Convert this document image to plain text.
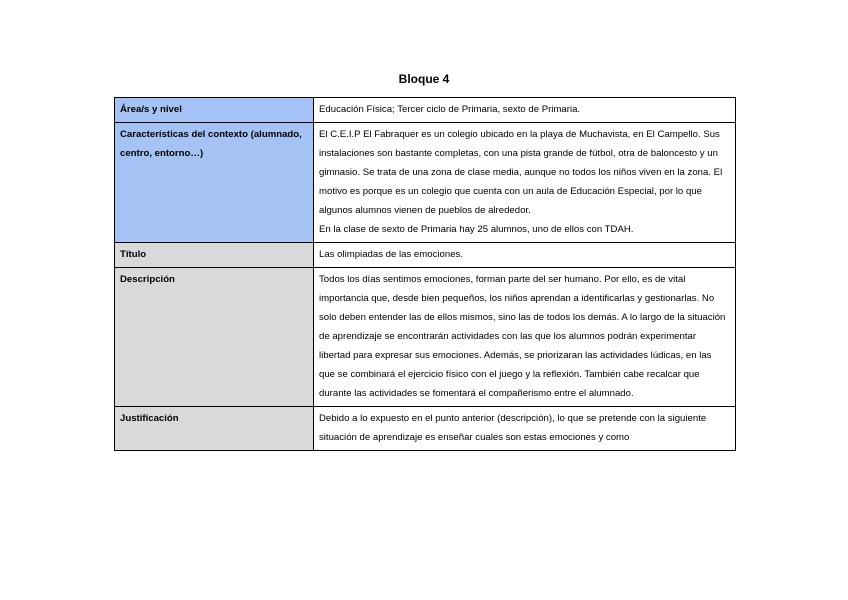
Bloque 4
Área/s y nivel	Educación Física; Tercer ciclo de Primaria, sexto de Primaria.

Características del contexto (alumnado, centro, entorno…)	El C.E.I.P El Fabraquer es un colegio ubicado en la playa de Muchavista, en El Campello. Sus instalaciones son bastante completas, con una pista grande de fútbol, otra de baloncesto y un gimnasio. Se trata de una zona de clase media, aunque no todos los niños viven en la zona. El motivo es porque es un colegio que cuenta con un aula de Educación Especial, por lo que algunos alumnos vienen de pueblos de alrededor.
En la clase de sexto de Primaria hay 25 alumnos, uno de ellos con TDAH.

Título	Las olimpiadas de las emociones.

Descripción	Todos los días sentimos emociones, forman parte del ser humano. Por ello, es de vital importancia que, desde bien pequeños, los niños aprendan a identificarlas y gestionarlas. No solo deben entender las de ellos mismos, sino las de todos los demás. A lo largo de la situación de aprendizaje se encontrarán actividades con las que los alumnos podrán experimentar libertad para expresar sus emociones. Además, se priorizaran las actividades lúdicas, en las que se combinará el ejercicio físico con el juego y la reflexión. También cabe recalcar que durante las actividades se fomentará el compañerismo entre el alumnado.

Justificación	Debido a lo expuesto en el punto anterior (descripción), lo que se pretende con la siguiente situación de aprendizaje es enseñar cuales son estas emociones y como
